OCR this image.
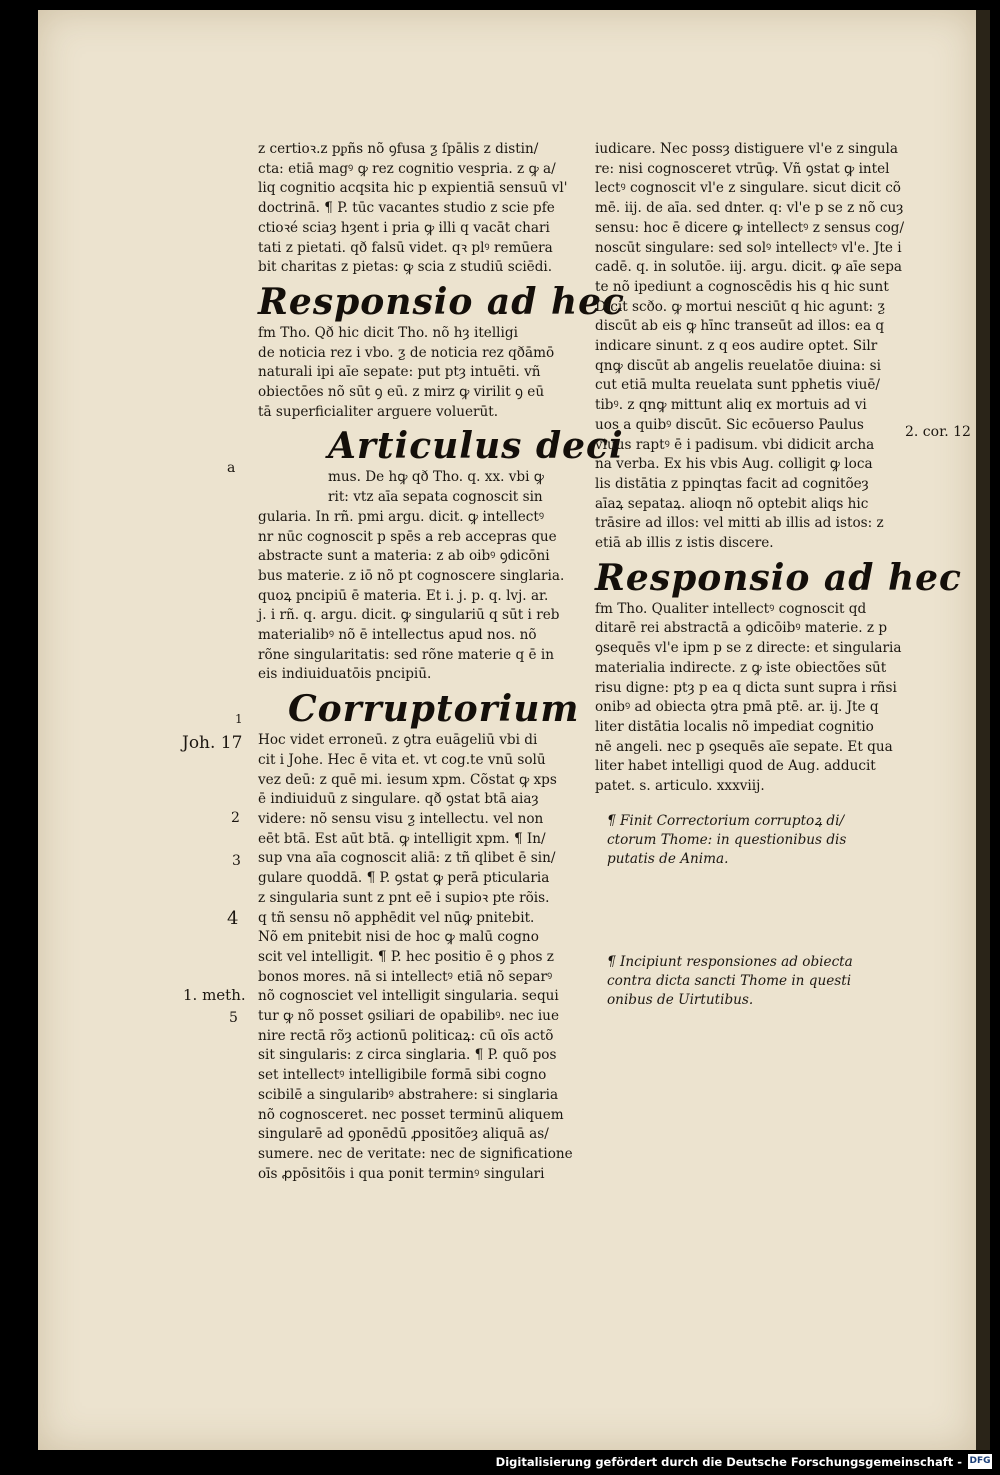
z certioꝛ.z pᵱñs nõ ꝯfusa ƺ ſpālis z distin/

cta: etiā magꝰ ꝙ rez cognitio vespria. z ꝙ a/

liq cognitio acqsita hic p expientiā sensuū vl'

doctrinā. ¶ P. tūc vacantes studio z scie pfe

ctioꝛé sciaȝ hȝent i pria ꝙ illi q vacāt chari

tati z pietati. qð falsū videt. qꝛ plꝰ remūera

bit charitas z pietas: ꝙ scia z studiū sciēdi.

Responsio ad hec

fm Tho. Qð hic dicit Tho. nõ hȝ itelligi

de noticia rez i vbo. ƺ de noticia rez qðāmō

naturali ipi aīe sepate: put ptȝ intuēti. vñ

obiectōes nõ sūt ꝯ eū. z mirz ꝙ virilit ꝯ eū

tā superficialiter arguere voluerūt.

Articulus deci

mus. De hꝙ qð Tho. q. xx. vbi ꝙ

rit: vtz aīa sepata cognoscit sin

gularia. In rñ. pmi argu. dicit. ꝙ intellectꝰ

nr nūc cognoscit p spēs a reb accepras que

abstracte sunt a materia: z ab oibꝰ ꝯdicōni

bus materie. z iō nõ pt cognoscere singlaria.

quoꝝ pncipiū ē materia. Et i. j. p. q. lvj. ar.

j. i rñ. q. argu. dicit. ꝙ singulariū q sūt i reb

materialibꝰ nõ ē intellectus apud nos. nõ

rõne singularitatis: sed rõne materie q ē in

eis indiuiduatōis pncipiū.

Corruptorium

Hoc videt erroneū. z ꝯtra euāgeliū vbi di

cit i Johe. Hec ē vita et. vt cog.te vnū solū

vez deū: z quē mi. iesum xpm. Cõstat ꝙ xps

ē indiuiduū z singulare. qð ꝯstat btā aiaȝ

videre: nõ sensu visu ƺ intellectu. vel non

eēt btā. Est aūt btā. ꝙ intelligit xpm. ¶ In/

sup vna aīa cognoscit aliā: z tñ qlibet ē sin/

gulare quoddā. ¶ P. ꝯstat ꝙ perā pticularia

z singularia sunt z pnt eē i supioꝛ pte rõis.

q tñ sensu nõ apphēdit vel nūꝙ pnitebit.

Nõ em pnitebit nisi de hoc ꝙ malū cogno

scit vel intelligit. ¶ P. hec positio ē ꝯ phos z

bonos mores. nā si intellectꝰ etiā nõ separꝰ

nõ cognosciet vel intelligit singularia. sequi

tur ꝙ nõ posset ꝯsiliari de opabilibꝰ. nec iue

nire rectā rõȝ actionū politicaꝝ: cū oīs actõ

sit singularis: z circa singlaria. ¶ P. quõ pos

set intellectꝰ intelligibile formā sibi cogno

scibilē a singularibꝰ abstrahere: si singlaria

nõ cognosceret. nec posset terminū aliquem

singularē ad ꝯponēdū ꝓpositõeȝ aliquā as/

sumere. nec de veritate: nec de significatione

oīs ꝓpōsitõis i qua ponit terminꝰ singulari

iudicare. Nec possȝ distiguere vl'e z singula

re: nisi cognosceret vtrūꝙ. Vñ ꝯstat ꝙ intel

lectꝰ cognoscit vl'e z singulare. sicut dicit cõ

mē. iij. de aīa. sed dnter. q: vl'e p se z nõ cuȝ

sensu: hoc ē dicere ꝙ intellectꝰ z sensus cog/

noscūt singulare: sed solꝰ intellectꝰ vl'e. Jte i

cadē. q. in solutōe. iij. argu. dicit. ꝙ aīe sepa

te nõ ipediunt a cognoscēdis his q hic sunt

Dicit scðo. ꝙ mortui nesciūt q hic agunt: ƺ

discūt ab eis ꝙ hīnc transeūt ad illos: ea q

indicare sinunt. z q eos audire optet. Silr

qnꝙ discūt ab angelis reuelatōe diuina: si

cut etiā multa reuelata sunt pphetis viuē/

tibꝰ. z qnꝙ mittunt aliq ex mortuis ad vi

uos a quibꝰ discūt. Sic ecōuerso Paulus

viuus raptꝰ ē i padisum. vbi didicit archa

na verba. Ex his vbis Aug. colligit ꝙ loca

lis distātia z ppinqtas facit ad cognitõeȝ

aīaꝝ sepataꝝ. alioqn nõ optebit aliqs hic

trāsire ad illos: vel mitti ab illis ad istos: z

etiā ab illis z istis discere.

Responsio ad hec

fm Tho. Qualiter intellectꝰ cognoscit qd

ditarē rei abstractā a ꝯdicōibꝰ materie. z p

ꝯsequēs vl'e ipm p se z directe: et singularia

materialia indirecte. z ꝙ iste obiectões sūt

risu digne: ptȝ p ea q dicta sunt supra i rñsi

onibꝰ ad obiecta ꝯtra pmā ptē. ar. ij. Jte q

liter distātia localis nõ impediat cognitio

nē angeli. nec p ꝯsequēs aīe sepate. Et qua

liter habet intelligi quod de Aug. adducit

patet. s. articulo. xxxviij.

¶ Finit Correctorium corruptoꝝ di/

ctorum Thome: in questionibus dis

putatis de Anima.

¶ Incipiunt responsiones ad obiecta

contra dicta sancti Thome in questi

onibus de Uirtutibus.

a
1
Joh. 17
2
3
4
1. meth.
5
2. cor. 12
Digitalisierung gefördert durch die Deutsche Forschungsgemeinschaft - DFG
